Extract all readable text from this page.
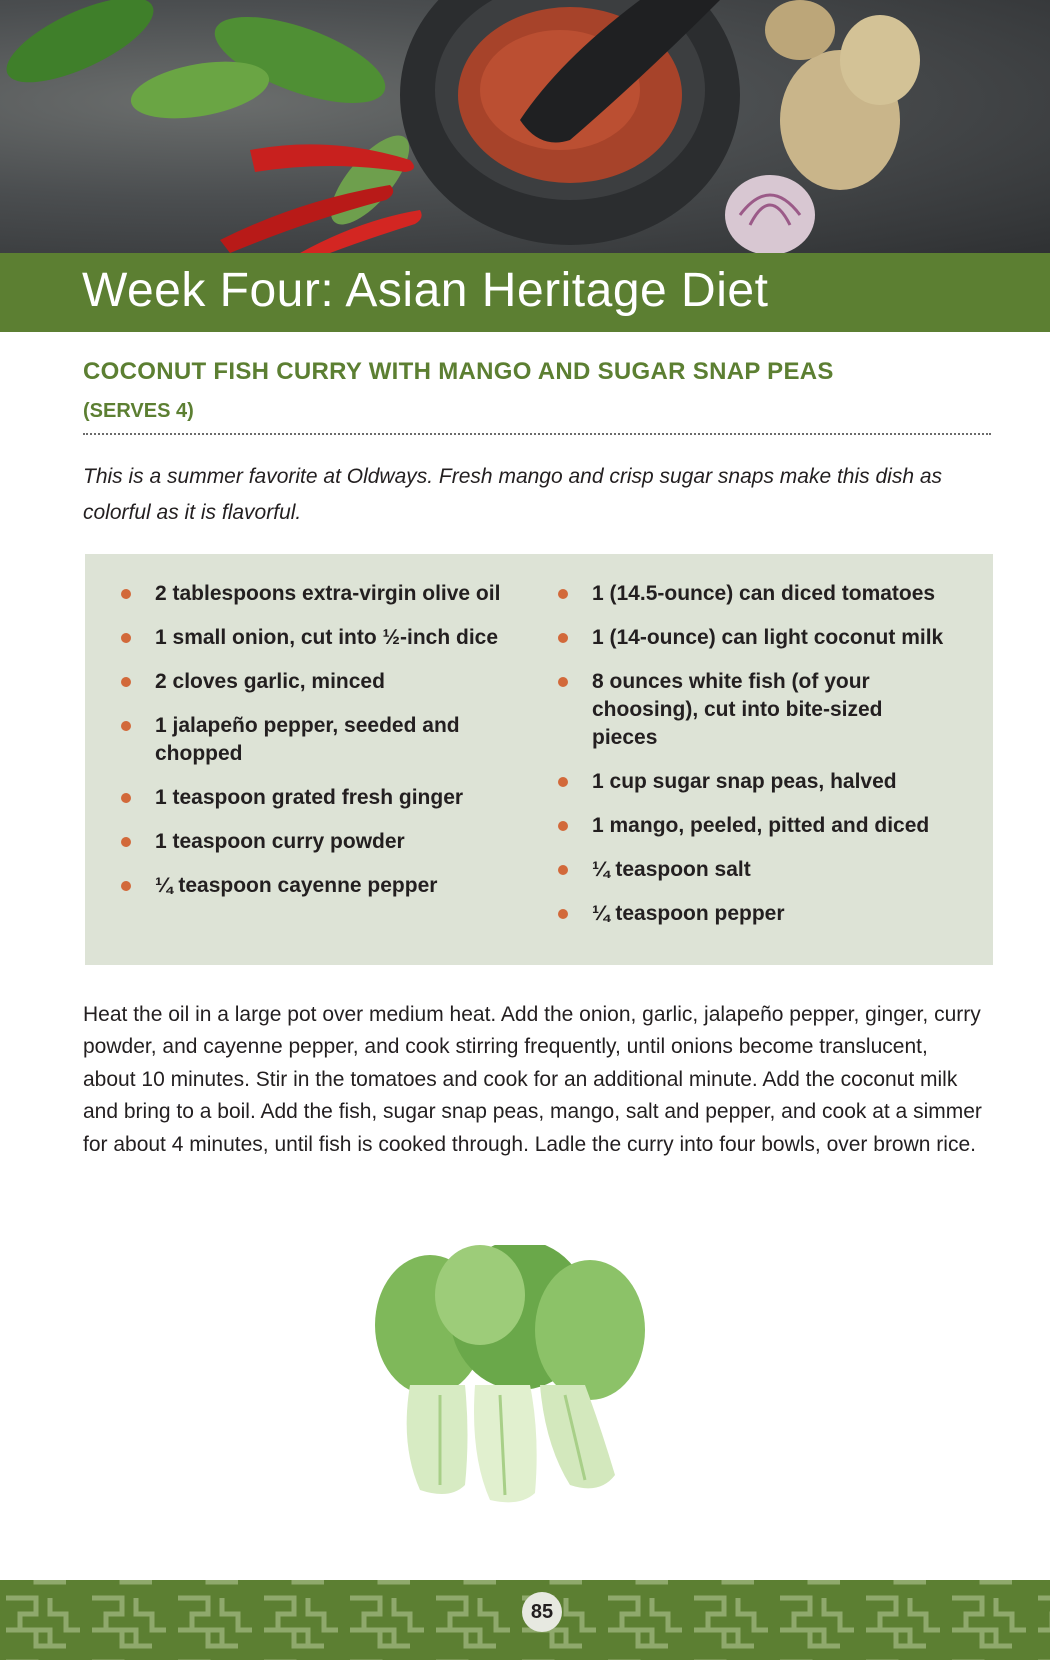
Week Four: Asian Heritage Diet
COCONUT FISH CURRY WITH MANGO AND SUGAR SNAP PEAS
(SERVES 4)

This is a summer favorite at Oldways. Fresh mango and crisp sugar snaps make this dish as colorful as it is flavorful.

2 tablespoons extra-virgin olive oil
1 small onion, cut into ½-inch dice
2 cloves garlic, minced
1 jalapeño pepper, seeded and chopped
1 teaspoon grated fresh ginger
1 teaspoon curry powder
¼ teaspoon cayenne pepper
1 (14.5-ounce) can diced tomatoes
1 (14-ounce) can light coconut milk
8 ounces white fish (of your choosing), cut into bite-sized pieces
1 cup sugar snap peas, halved
1 mango, peeled, pitted and diced
¼ teaspoon salt
¼ teaspoon pepper

Heat the oil in a large pot over medium heat. Add the onion, garlic, jalapeño pepper, ginger, curry powder, and cayenne pepper, and cook stirring frequently, until onions become translucent, about 10 minutes. Stir in the tomatoes and cook for an additional minute. Add the coconut milk and bring to a boil. Add the fish, sugar snap peas, mango, salt and pepper, and cook at a simmer for about 4 minutes, until fish is cooked through. Ladle the curry into four bowls, over brown rice.

85
